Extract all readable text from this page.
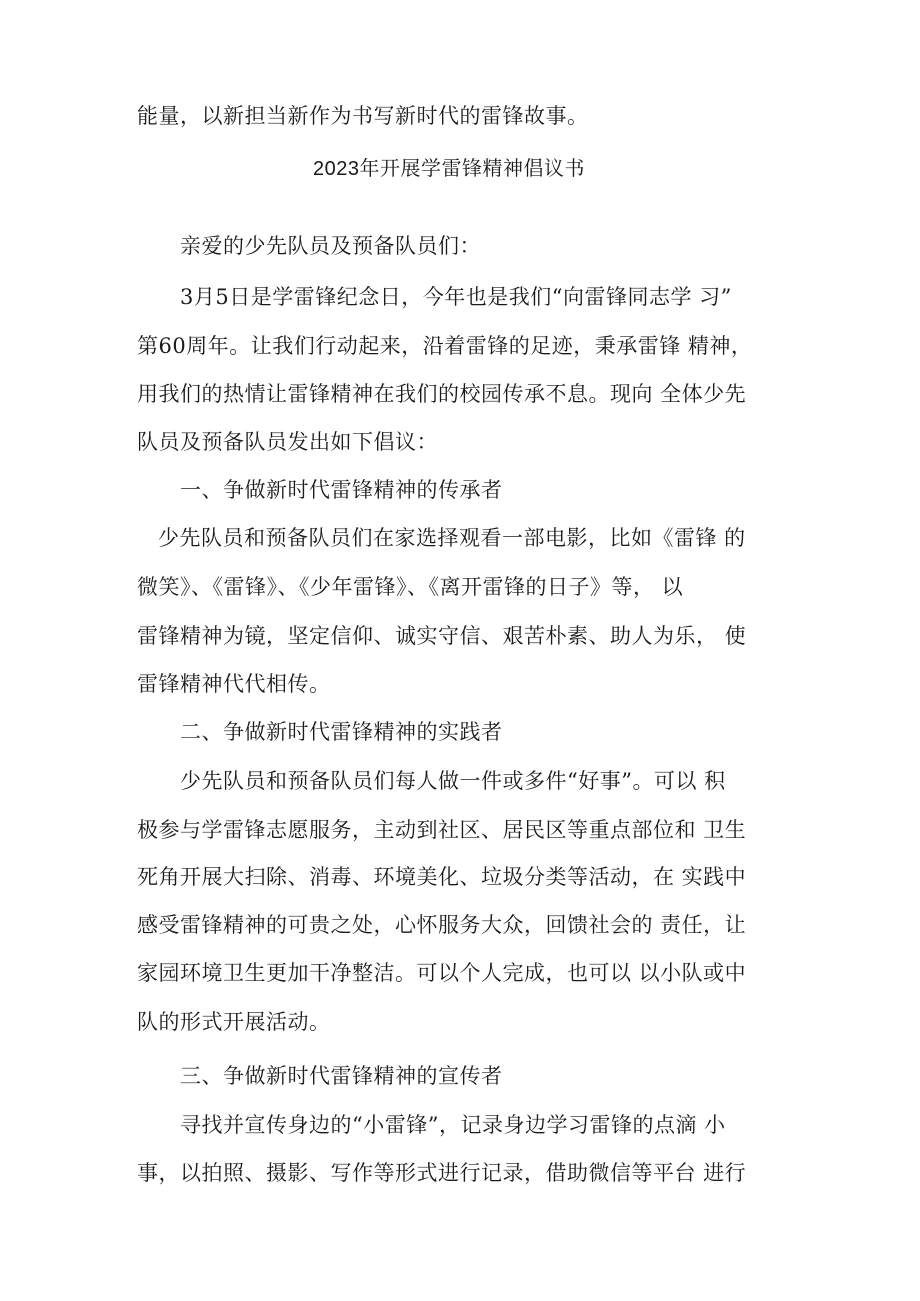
能量，以新担当新作为书写新时代的雷锋故事。
2023年开展学雷锋精神倡议书
亲爱的少先队员及预备队员们：
3月5日是学雷锋纪念日，今年也是我们“向雷锋同志学 习”
第60周年。让我们行动起来，沿着雷锋的足迹，秉承雷锋 精神，
用我们的热情让雷锋精神在我们的校园传承不息。现向 全体少先
队员及预备队员发出如下倡议：
一、争做新时代雷锋精神的传承者
少先队员和预备队员们在家选择观看一部电影，比如《雷锋 的
微笑》、《雷锋》、《少年雷锋》、《离开雷锋的日子》等， 以
雷锋精神为镜，坚定信仰、诚实守信、艰苦朴素、助人为乐， 使
雷锋精神代代相传。
二、争做新时代雷锋精神的实践者
少先队员和预备队员们每人做一件或多件“好事”。可以 积
极参与学雷锋志愿服务，主动到社区、居民区等重点部位和 卫生
死角开展大扫除、消毒、环境美化、垃圾分类等活动，在 实践中
感受雷锋精神的可贵之处，心怀服务大众，回馈社会的 责任，让
家园环境卫生更加干净整洁。可以个人完成，也可以 以小队或中
队的形式开展活动。
三、争做新时代雷锋精神的宣传者
寻找并宣传身边的“小雷锋”，记录身边学习雷锋的点滴 小
事，以拍照、摄影、写作等形式进行记录，借助微信等平台 进行
